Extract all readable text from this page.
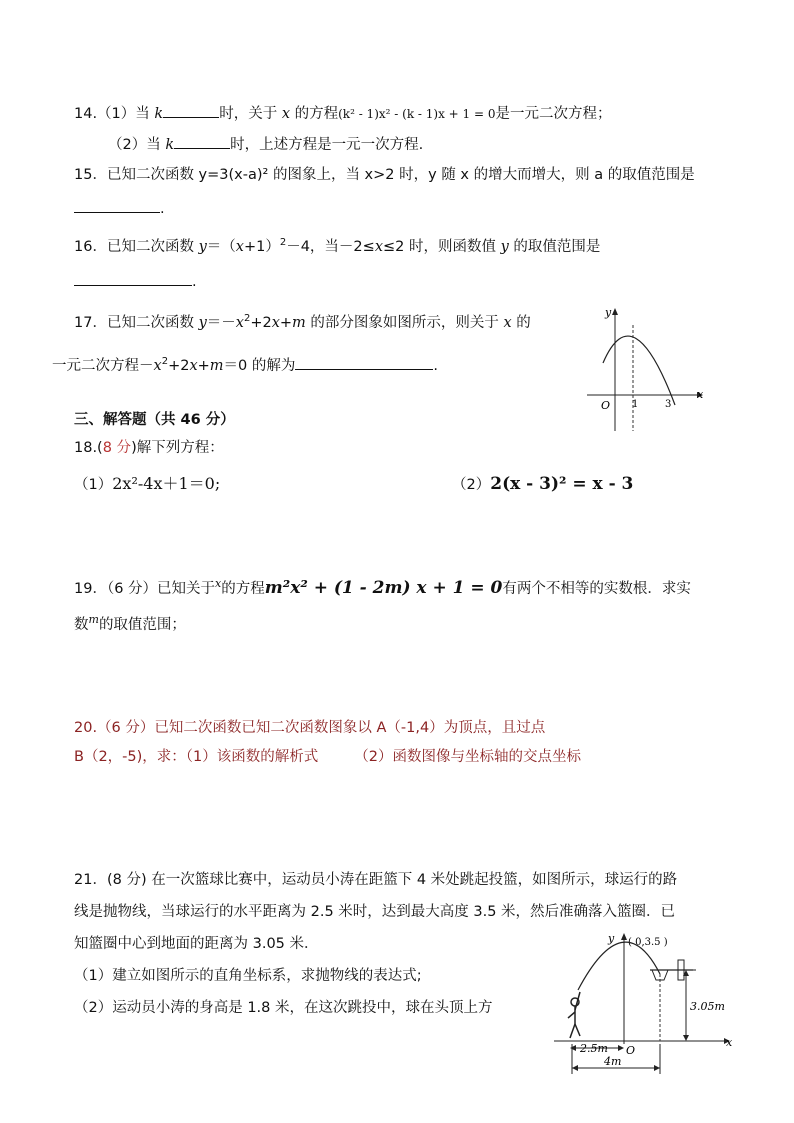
14.（1）当 k	时，关于 x 的方程(k² - 1)x² - (k - 1)x + 1 = 0是一元二次方程；
（2）当 k	时，上述方程是一元一次方程.
15．已知二次函数 y=3(x-a)² 的图象上，当 x>2 时，y 随 x 的增大而增大，则 a 的取值范围是
.
16．已知二次函数 $y=(x+1)^2-4$，当－2≤x≤2 时，则函数值 y 的取值范围是
.
17．已知二次函数 $y=-x^2+2x+m$ 的部分图象如图所示，则关于 x 的
一元二次方程$-x^2+2x+m=0$ 的解为	.
y
x
O 1	3
三、解答题（共 46 分）
18.(8 分)解下列方程：
（1）2x²-4x＋1＝0;	（2）2(x - 3)² = x - 3
19．（6 分）已知关于$^x$的方程m²x² + (1 - 2m) x + 1 = 0有两个不相等的实数根．求实
数$^m$的取值范围；
20.（6 分）已知二次函数已知二次函数图象以 A（-1,4）为顶点，且过点
B（2，-5)，求：（1）该函数的解析式 （2）函数图像与坐标轴的交点坐标
21．(8 分) 在一次篮球比赛中，运动员小涛在距篮下 4 米处跳起投篮，如图所示，球运行的路
线是抛物线，当球运行的水平距离为 2.5 米时，达到最大高度 3.5 米，然后准确落入篮圈．已
知篮圈中心到地面的距离为 3.05 米．
（1）建立如图所示的直角坐标系，求抛物线的表达式;
（2）运动员小涛的身高是 1.8 米，在这次跳投中，球在头顶上方
y
x
O
( 0,3.5 )
3.05m
2.5m
4m
